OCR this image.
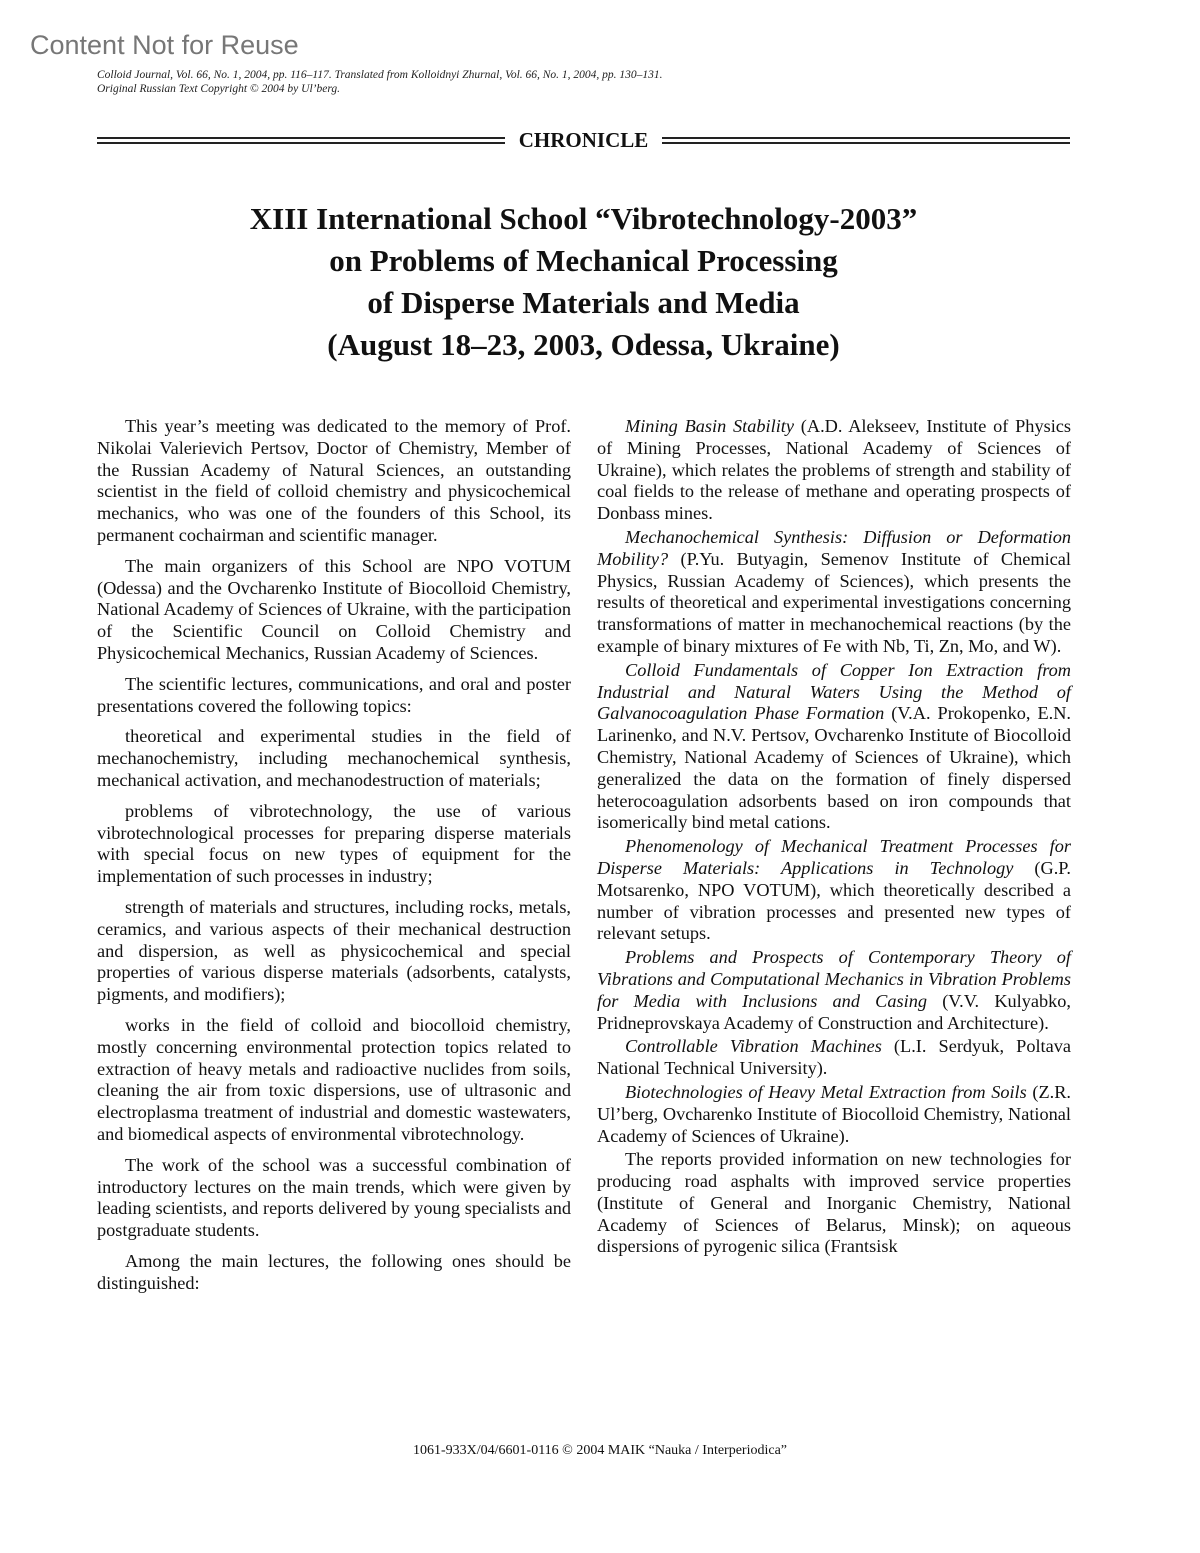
Content Not for Reuse
Colloid Journal, Vol. 66, No. 1, 2004, pp. 116–117. Translated from Kolloidnyi Zhurnal, Vol. 66, No. 1, 2004, pp. 130–131.
Original Russian Text Copyright © 2004 by Ul’berg.
CHRONICLE
XIII International School “Vibrotechnology-2003”
on Problems of Mechanical Processing
of Disperse Materials and Media
(August 18–23, 2003, Odessa, Ukraine)

This year’s meeting was dedicated to the memory of Prof. Nikolai Valerievich Pertsov, Doctor of Chemistry, Member of the Russian Academy of Natural Sciences, an outstanding scientist in the field of colloid chemistry and physicochemical mechanics, who was one of the founders of this School, its permanent cochairman and scientific manager.

The main organizers of this School are NPO VOTUM (Odessa) and the Ovcharenko Institute of Biocolloid Chemistry, National Academy of Sciences of Ukraine, with the participation of the Scientific Council on Colloid Chemistry and Physicochemical Mechanics, Russian Academy of Sciences.

The scientific lectures, communications, and oral and poster presentations covered the following topics:

theoretical and experimental studies in the field of mechanochemistry, including mechanochemical synthesis, mechanical activation, and mechanodestruction of materials;

problems of vibrotechnology, the use of various vibrotechnological processes for preparing disperse materials with special focus on new types of equipment for the implementation of such processes in industry;

strength of materials and structures, including rocks, metals, ceramics, and various aspects of their mechanical destruction and dispersion, as well as physicochemical and special properties of various disperse materials (adsorbents, catalysts, pigments, and modifiers);

works in the field of colloid and biocolloid chemistry, mostly concerning environmental protection topics related to extraction of heavy metals and radioactive nuclides from soils, cleaning the air from toxic dispersions, use of ultrasonic and electroplasma treatment of industrial and domestic wastewaters, and biomedical aspects of environmental vibrotechnology.

The work of the school was a successful combination of introductory lectures on the main trends, which were given by leading scientists, and reports delivered by young specialists and postgraduate students.

Among the main lectures, the following ones should be distinguished:

Mining Basin Stability (A.D. Alekseev, Institute of Physics of Mining Processes, National Academy of Sciences of Ukraine), which relates the problems of strength and stability of coal fields to the release of methane and operating prospects of Donbass mines.

Mechanochemical Synthesis: Diffusion or Deformation Mobility? (P.Yu. Butyagin, Semenov Institute of Chemical Physics, Russian Academy of Sciences), which presents the results of theoretical and experimental investigations concerning transformations of matter in mechanochemical reactions (by the example of binary mixtures of Fe with Nb, Ti, Zn, Mo, and W).

Colloid Fundamentals of Copper Ion Extraction from Industrial and Natural Waters Using the Method of Galvanocoagulation Phase Formation (V.A. Prokopenko, E.N. Larinenko, and N.V. Pertsov, Ovcharenko Institute of Biocolloid Chemistry, National Academy of Sciences of Ukraine), which generalized the data on the formation of finely dispersed heterocoagulation adsorbents based on iron compounds that isomerically bind metal cations.

Phenomenology of Mechanical Treatment Processes for Disperse Materials: Applications in Technology (G.P. Motsarenko, NPO VOTUM), which theoretically described a number of vibration processes and presented new types of relevant setups.

Problems and Prospects of Contemporary Theory of Vibrations and Computational Mechanics in Vibration Problems for Media with Inclusions and Casing (V.V. Kulyabko, Pridneprovskaya Academy of Construction and Architecture).

Controllable Vibration Machines (L.I. Serdyuk, Poltava National Technical University).

Biotechnologies of Heavy Metal Extraction from Soils (Z.R. Ul’berg, Ovcharenko Institute of Biocolloid Chemistry, National Academy of Sciences of Ukraine).

The reports provided information on new technologies for producing road asphalts with improved service properties (Institute of General and Inorganic Chemistry, National Academy of Sciences of Belarus, Minsk); on aqueous dispersions of pyrogenic silica (Frantsisk

1061-933X/04/6601-0116 © 2004 MAIK “Nauka / Interperiodica”
